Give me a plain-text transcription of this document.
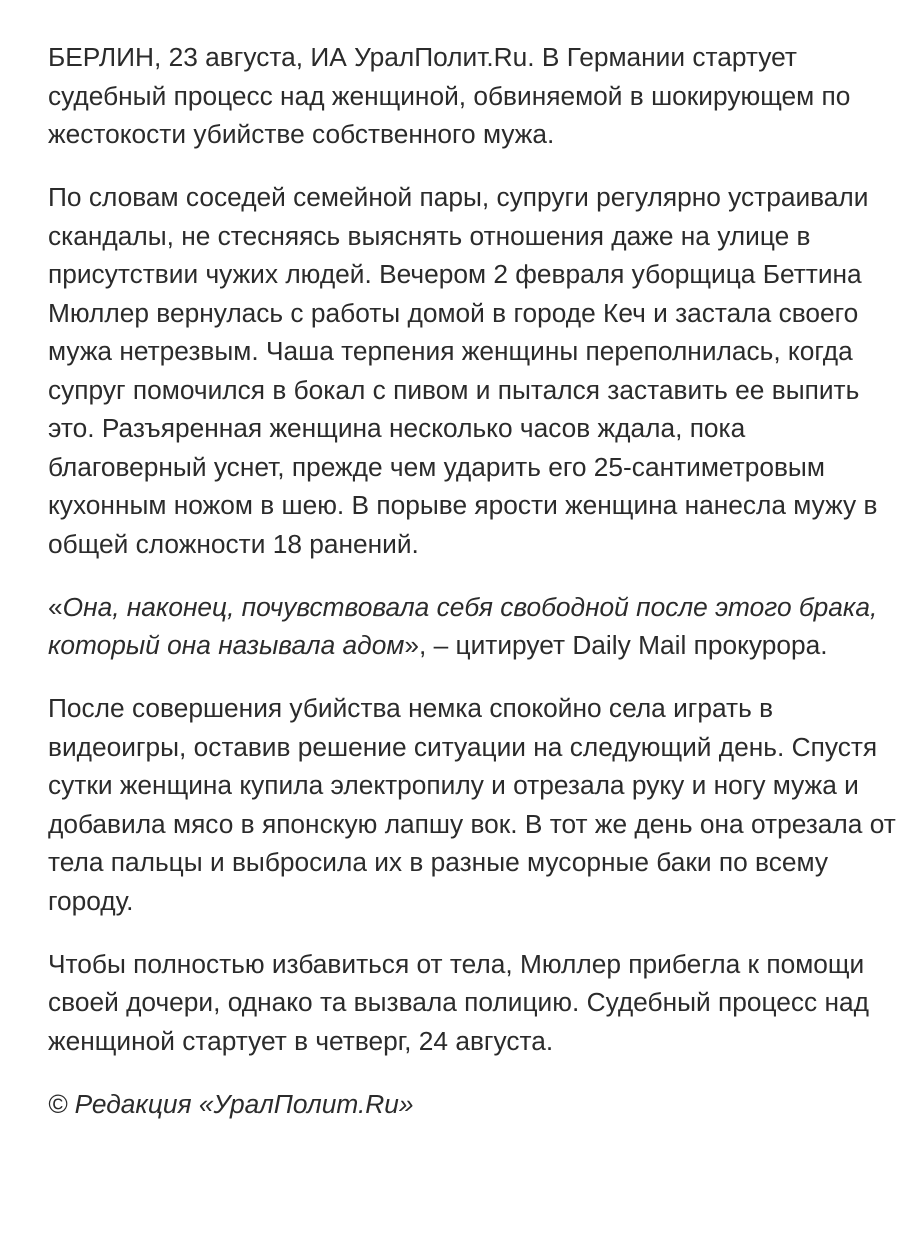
БЕРЛИН, 23 августа, ИА УралПолит.Ru. В Германии стартует судебный процесс над женщиной, обвиняемой в шокирующем по жестокости убийстве собственного мужа.

По словам соседей семейной пары, супруги регулярно устраивали скандалы, не стесняясь выяснять отношения даже на улице в присутствии чужих людей. Вечером 2 февраля уборщица Беттина Мюллер вернулась с работы домой в городе Кеч и застала своего мужа нетрезвым. Чаша терпения женщины переполнилась, когда супруг помочился в бокал с пивом и пытался заставить ее выпить это. Разъяренная женщина несколько часов ждала, пока благоверный уснет, прежде чем ударить его 25-сантиметровым кухонным ножом в шею. В порыве ярости женщина нанесла мужу в общей сложности 18 ранений.

«Она, наконец, почувствовала себя свободной после этого брака, который она называла адом», – цитирует Daily Mail прокурора.

После совершения убийства немка спокойно села играть в видеоигры, оставив решение ситуации на следующий день. Спустя сутки женщина купила электропилу и отрезала руку и ногу мужа и добавила мясо в японскую лапшу вок. В тот же день она отрезала от тела пальцы и выбросила их в разные мусорные баки по всему городу.

Чтобы полностью избавиться от тела, Мюллер прибегла к помощи своей дочери, однако та вызвала полицию. Судебный процесс над женщиной стартует в четверг, 24 августа.

© Редакция «УралПолит.Ru»
